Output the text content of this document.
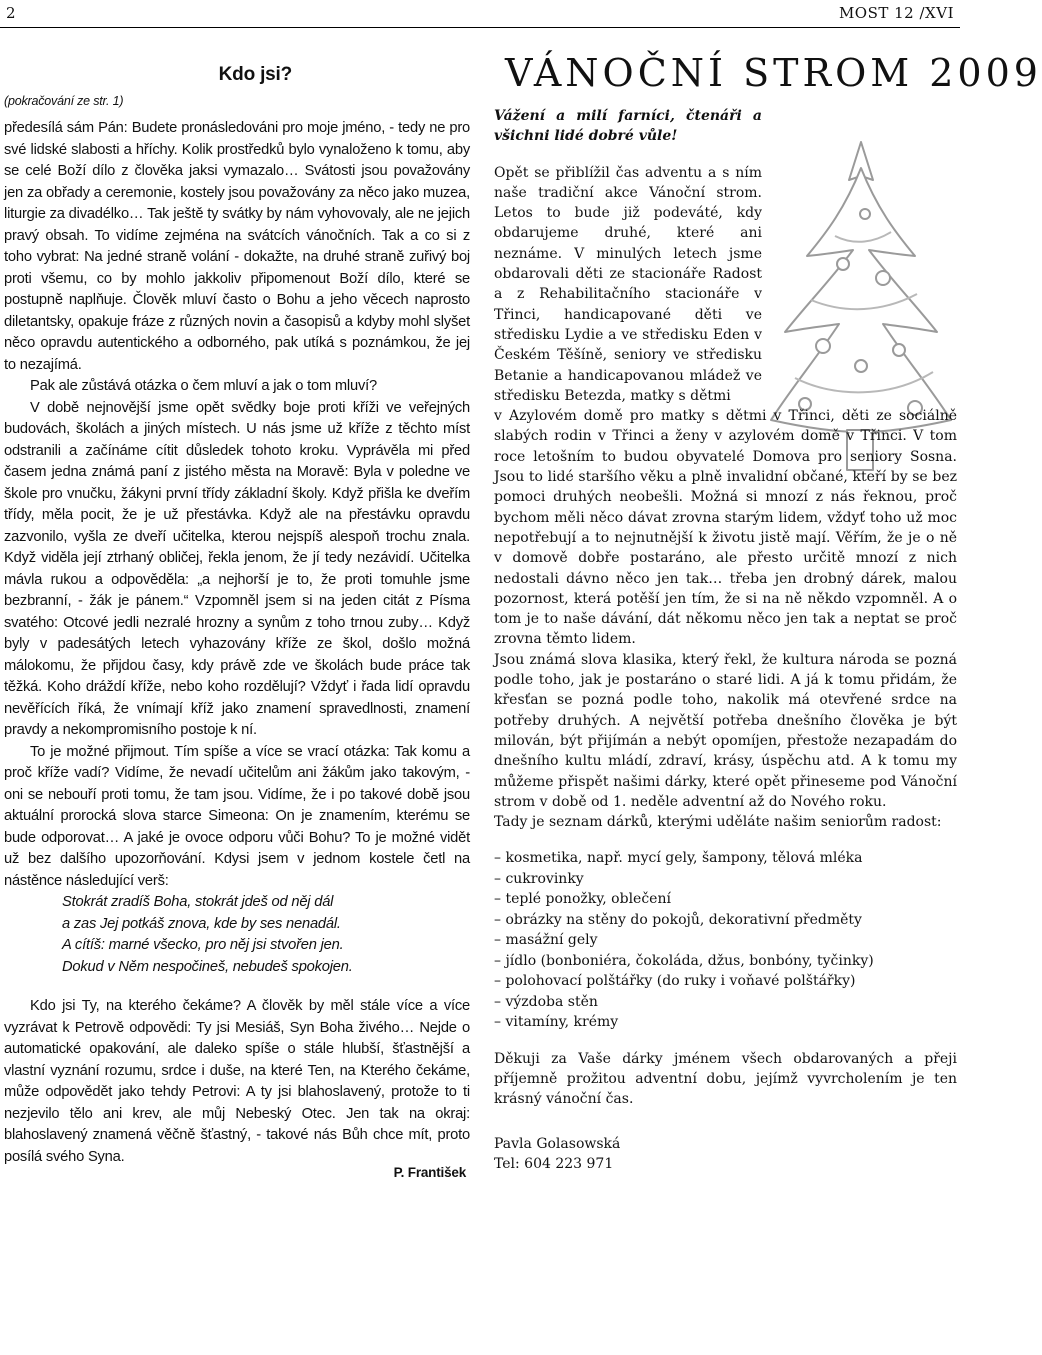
2	MOST 12 /XVI
Kdo jsi?
(pokračování ze str. 1)

předesílá sám Pán: Budete pronásledováni pro moje jméno, - tedy ne pro své lidské slabosti a hříchy. Kolik prostředků bylo vynaloženo k tomu, aby se celé Boží dílo z člověka jaksi vymazalo… Svátosti jsou považovány jen za obřady a ceremonie, kostely jsou považovány za něco jako muzea, liturgie za divadélko… Tak ještě ty svátky by nám vyhovovaly, ale ne jejich pravý obsah. To vidíme zejména na svátcích vánočních. Tak a co si z toho vybrat: Na jedné straně volání - dokažte, na druhé straně zuřivý boj proti všemu, co by mohlo jakkoliv připomenout Boží dílo, které se postupně naplňuje. Člověk mluví často o Bohu a jeho věcech naprosto diletantsky, opakuje fráze z různých novin a časopisů a kdyby mohl slyšet něco opravdu autentického a odborného, pak utíká s poznámkou, že jej to nezajímá.

Pak ale zůstává otázka o čem mluví a jak o tom mluví?

V době nejnovější jsme opět svědky boje proti kříži ve veřejných budovách, školách a jiných místech. U nás jsme už kříže z těchto míst odstranili a začínáme cítit důsledek tohoto kroku. Vyprávěla mi před časem jedna známá paní z jistého města na Moravě: Byla v poledne ve škole pro vnučku, žákyni první třídy základní školy. Když přišla ke dveřím třídy, měla pocit, že je už přestávka. Když ale na přestávku opravdu zazvonilo, vyšla ze dveří učitelka, kterou nejspíš alespoň trochu znala. Když viděla její ztrhaný obličej, řekla jenom, že jí tedy nezávidí. Učitelka mávla rukou a odpověděla: „a nejhorší je to, že proti tomuhle jsme bezbranní, - žák je pánem.“ Vzpomněl jsem si na jeden citát z Písma svatého: Otcové jedli nezralé hrozny a synům z toho trnou zuby… Když byly v padesátých letech vyhazovány kříže ze škol, došlo možná málokomu, že přijdou časy, kdy právě zde ve školách bude práce tak těžká. Koho dráždí kříže, nebo koho rozdělují? Vždyť i řada lidí opravdu nevěřících říká, že vnímají kříž jako znamení spravedlnosti, znamení pravdy a nekompromisního postoje k ní.

To je možné přijmout. Tím spíše a více se vrací otázka: Tak komu a proč kříže vadí? Vidíme, že nevadí učitelům ani žákům jako takovým, - oni se nebouří proti tomu, že tam jsou. Vidíme, že i po takové době jsou aktuální prorocká slova starce Simeona: On je znamením, kterému se bude odporovat… A jaké je ovoce odporu vůči Bohu? To je možné vidět už bez dalšího upozorňování. Kdysi jsem v jednom kostele četl na nástěnce následující verš:

Stokrát zradíš Boha, stokrát jdeš od něj dál
a zas Jej potkáš znova, kde by ses nenadál.
A cítíš: marné všecko, pro něj jsi stvořen jen.
Dokud v Něm nespočineš, nebudeš spokojen.

Kdo jsi Ty, na kterého čekáme? A člověk by měl stále více a více vyzrávat k Petrově odpovědi: Ty jsi Mesiáš, Syn Boha živého… Nejde o automatické opakování, ale daleko spíše o stále hlubší, šťastnější a vlastní vyznání rozumu, srdce i duše, na které Ten, na Kterého čekáme, může odpovědět jako tehdy Petrovi: A ty jsi blahoslavený, protože to ti nezjevilo tělo ani krev, ale můj Nebeský Otec. Jen tak na okraj: blahoslavený znamená věčně šťastný, - takové nás Bůh chce mít, proto posílá svého Syna.

P. František
VÁNOČNÍ STROM 2009

Vážení a milí farníci, čtenáři a všichni lidé dobré vůle!

Opět se přiblížil čas adventu a s ním naše tradiční akce Vánoční strom. Letos to bude již podeváté, kdy obdarujeme druhé, které ani neznáme. V minulých letech jsme obdarovali děti ze stacionáře Radost a z Rehabilitačního stacionáře v Třinci, handicapované děti ve středisku Lydie a ve středisku Eden v Českém Těšíně, seniory ve středisku Betanie a handicapovanou mládež ve středisku Betezda, matky s dětmi

v Azylovém domě pro matky s dětmi v Třinci, děti ze sociálně slabých rodin v Třinci a ženy v azylovém domě v Třinci. V tom roce letošním to budou obyvatelé Domova pro seniory Sosna. Jsou to lidé staršího věku a plně invalidní občané, kteří by se bez pomoci druhých neobešli. Možná si mnozí z nás řeknou, proč bychom měli něco dávat zrovna starým lidem, vždyť toho už moc nepotřebují a to nejnutnější k životu jistě mají. Věřím, že je o ně v domově dobře postaráno, ale přesto určitě mnozí z nich nedostali dávno něco jen tak… třeba jen drobný dárek, malou pozornost, která potěší jen tím, že si na ně někdo vzpomněl. A o tom je to naše dávání, dát někomu něco jen tak a neptat se proč zrovna těmto lidem.

Jsou známá slova klasika, který řekl, že kultura národa se pozná podle toho, jak je postaráno o staré lidi. A já k tomu přidám, že křesťan se pozná podle toho, nakolik má otevřené srdce na potřeby druhých. A největší potřeba dnešního člověka je být milován, být přijímán a nebýt opomíjen, přestože nezapadám do dnešního kultu mládí, zdraví, krásy, úspěchu atd. A k tomu my můžeme přispět našimi dárky, které opět přineseme pod Vánoční strom v době od 1. neděle adventní až do Nového roku.

Tady je seznam dárků, kterými uděláte našim seniorům radost:

– kosmetika, např. mycí gely, šampony, tělová mléka
– cukrovinky
– teplé ponožky, oblečení
– obrázky na stěny do pokojů, dekorativní předměty
– masážní gely
– jídlo (bonboniéra, čokoláda, džus, bonbóny, tyčinky)
– polohovací polštářky (do ruky i voňavé polštářky)
– výzdoba stěn
– vitamíny, krémy

Děkuji za Vaše dárky jménem všech obdarovaných a přeji příjemně prožitou adventní dobu, jejímž vyvrcholením je ten krásný vánoční čas.

Pavla Golasowská

Tel: 604 223 971
